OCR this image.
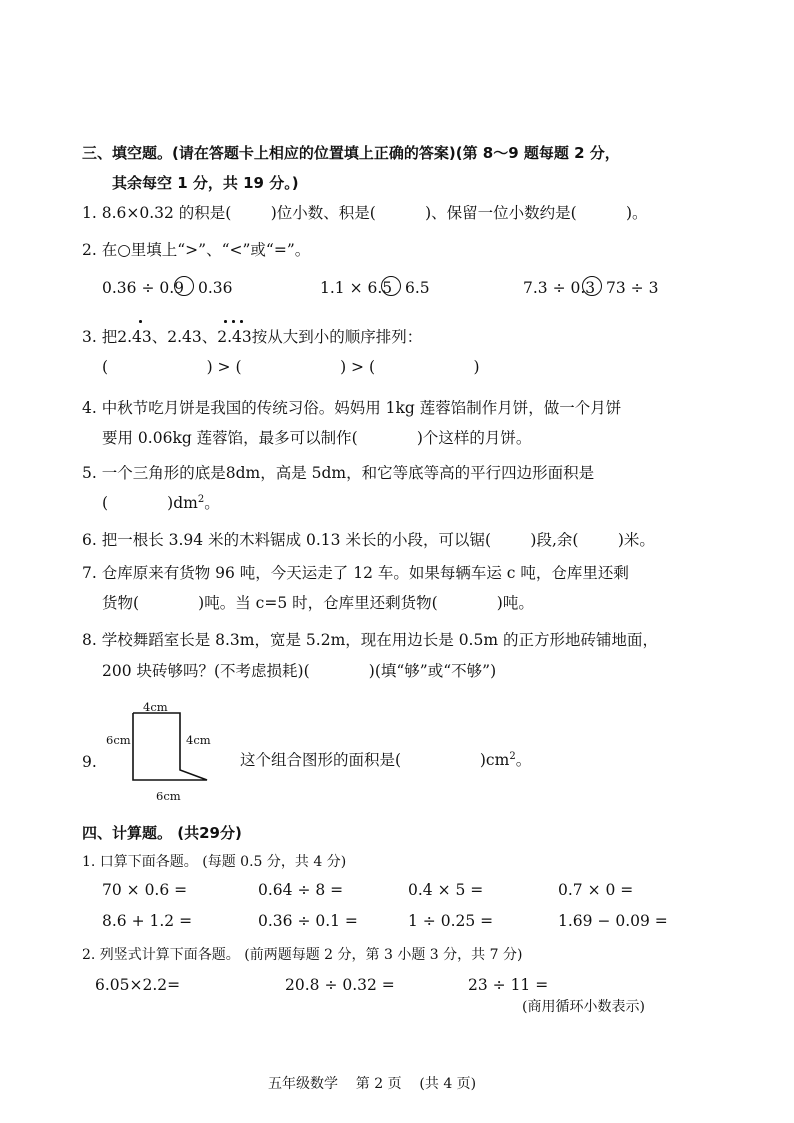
三、填空题。(请在答题卡上相应的位置填上正确的答案)(第 8～9 题每题 2 分，
其余每空 1 分，共 19 分。)
1. 8.6×0.32 的积是(        )位小数、积是(          )、保留一位小数约是(          )。
2. 在○里填上“>”、“<”或“=”。
0.36 ÷ 0.9 0.36	1.1 × 6.5 6.5	7.3 ÷ 0.3 73 ÷ 3
3. 把2.43、2.43、2.43按从大到小的顺序排列：
(                    ) > (                    ) > (                    )
4. 中秋节吃月饼是我国的传统习俗。妈妈用 1kg 莲蓉馅制作月饼，做一个月饼
要用 0.06kg 莲蓉馅，最多可以制作(            )个这样的月饼。
5. 一个三角形的底是8dm，高是 5dm，和它等底等高的平行四边形面积是
(            )$dm^2$。
6. 把一根长 3.94 米的木料锯成 0.13 米长的小段，可以锯(        )段,余(        )米。
7. 仓库原来有货物 96 吨，今天运走了 12 车。如果每辆车运 c 吨，仓库里还剩
货物(            )吨。当 c=5 时，仓库里还剩货物(            )吨。
8. 学校舞蹈室长是 8.3m，宽是 5.2m，现在用边长是 0.5m 的正方形地砖铺地面，
200 块砖够吗？(不考虑损耗)(            )(填“够”或“不够”)
9.
4cm
6cm	4cm
6cm
这个组合图形的面积是(                )$cm^2$。
四、计算题。 (共29分)
1. 口算下面各题。 (每题 0.5 分，共 4 分)
70 × 0.6 =	0.64 ÷ 8 =	0.4 × 5 =	0.7 × 0 =
8.6 + 1.2 =	0.36 ÷ 0.1 =	1 ÷ 0.25 =	1.69 − 0.09 =
2. 列竖式计算下面各题。 (前两题每题 2 分，第 3 小题 3 分，共 7 分)
6.05×2.2=	20.8 ÷ 0.32 =	23 ÷ 11 =
(商用循环小数表示)
五年级数学    第 2 页    (共 4 页)
